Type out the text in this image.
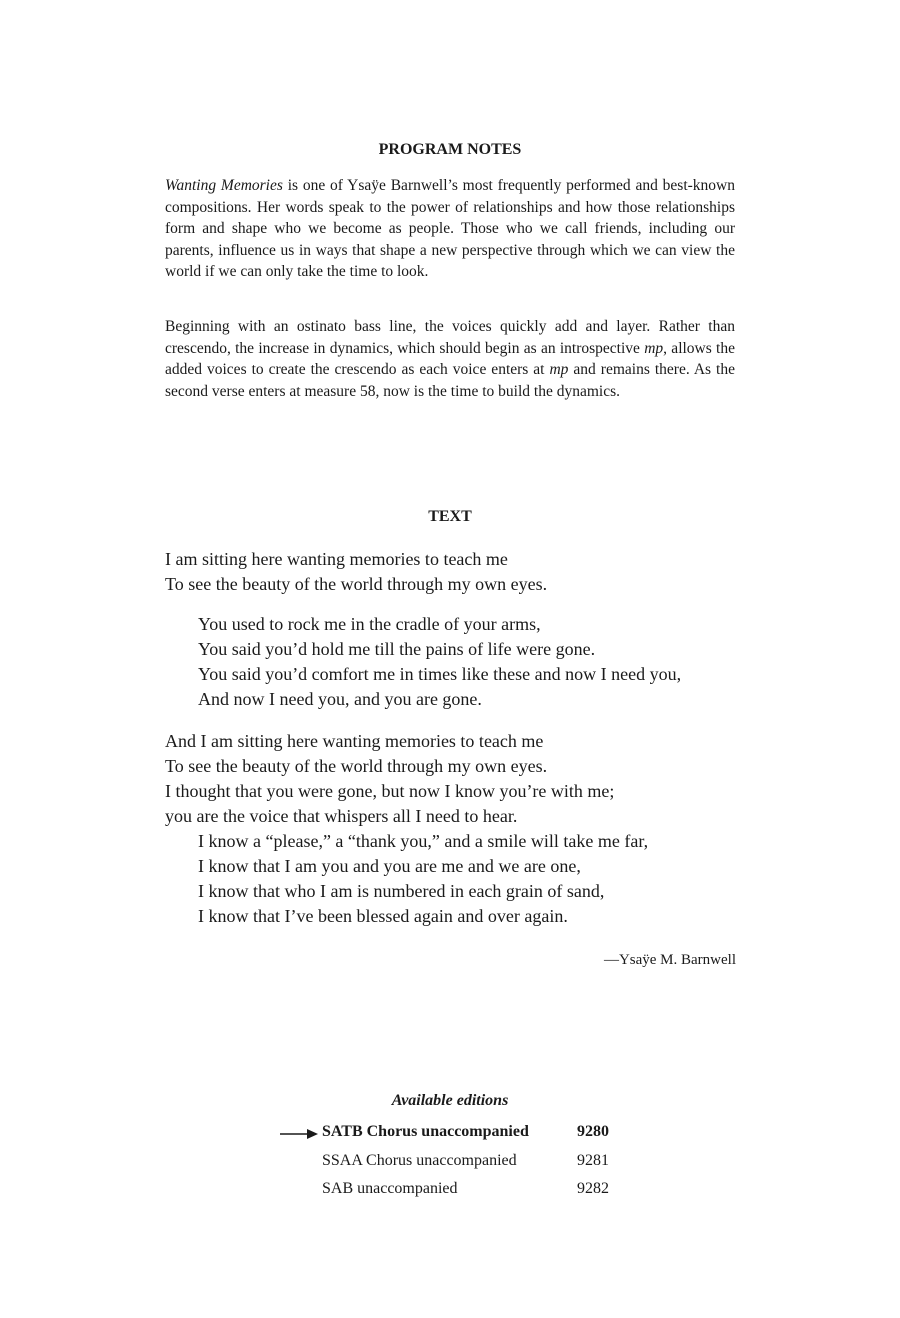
PROGRAM NOTES

Wanting Memories is one of Ysaÿe Barnwell’s most frequently performed and best-known compositions. Her words speak to the power of relationships and how those relationships form and shape who we become as people. Those who we call friends, including our parents, influence us in ways that shape a new perspective through which we can view the world if we can only take the time to look.

Beginning with an ostinato bass line, the voices quickly add and layer. Rather than crescendo, the increase in dynamics, which should begin as an introspective mp, allows the added voices to create the crescendo as each voice enters at mp and remains there. As the second verse enters at measure 58, now is the time to build the dynamics.

TEXT
I am sitting here wanting memories to teach me
To see the beauty of the world through my own eyes.
You used to rock me in the cradle of your arms,
You said you’d hold me till the pains of life were gone.
You said you’d comfort me in times like these and now I need you,
And now I need you, and you are gone.
And I am sitting here wanting memories to teach me
To see the beauty of the world through my own eyes.
I thought that you were gone, but now I know you’re with me;
you are the voice that whispers all I need to hear.
I know a “please,” a “thank you,” and a smile will take me far,
I know that I am you and you are me and we are one,
I know that who I am is numbered in each grain of sand,
I know that I’ve been blessed again and over again.

—Ysaÿe M. Barnwell

Available editions

SATB Chorus unaccompanied	9280
SSAA Chorus unaccompanied	9281
SAB unaccompanied	9282
